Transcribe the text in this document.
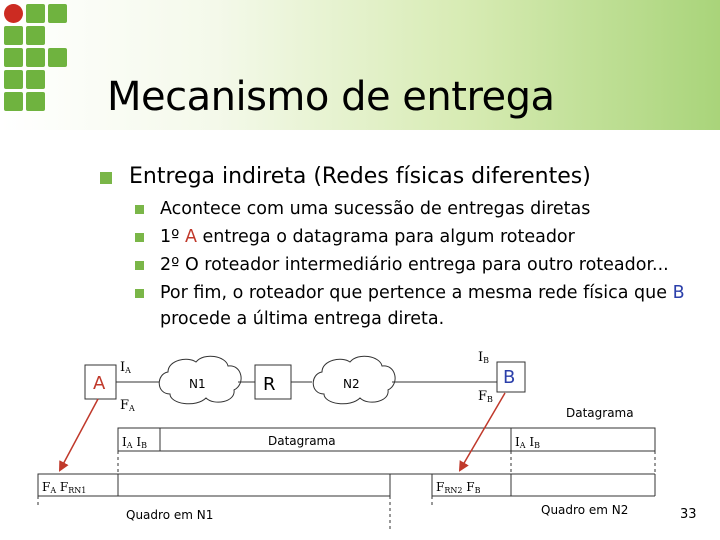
Mecanismo de entrega
Entrega indireta (Redes físicas diferentes)
Acontece com uma sucessão de entregas diretas
1º A entrega o datagrama para algum roteador
2º O roteador intermediário entrega para outro roteador...
Por fim, o roteador que pertence a mesma rede física que B
procede a última entrega direta.
A	N1	R	N2	B
IA
FA
IB
FB
Datagrama
IA IB	IA IB
Datagrama
FA FRN1	FRN2 FB
Quadro em N1	Quadro em N2	33
